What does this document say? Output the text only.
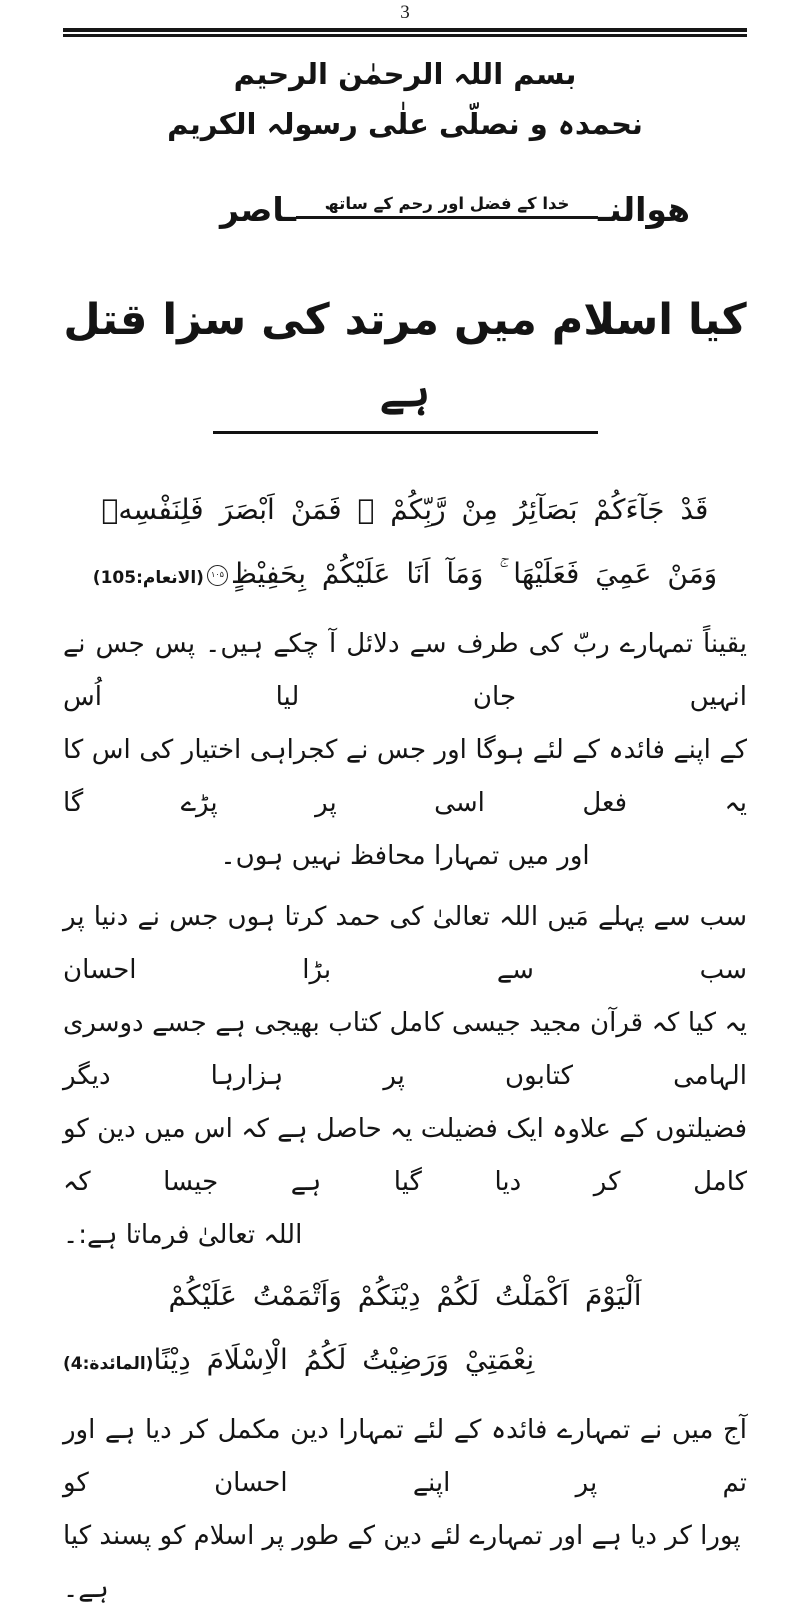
3
بسم اللہ الرحمٰن الرحیم
نحمدہ و نصلّی علٰی رسولہ الکریم
هوالنـ
خدا کے فضل اور رحم کے ساتھ
ـاصر
کیا اسلام میں مرتد کی سزا قتل ہے
قَدْ جَآءَكُمْ بَصَآئِرُ مِنْ رَّبِّكُمْ ۚ فَمَنْ اَبْصَرَ فَلِنَفْسِهٖ
وَمَنْ عَمِيَ فَعَلَيْهَا ۚ وَمَآ اَنَا عَلَيْكُمْ بِحَفِيْظٍ۱۰۵(الانعام:105)
یقیناً تمہارے ربّ کی طرف سے دلائل آ چکے ہیں۔ پس جس نے انہیں جان لیا اُس
کے اپنے فائدہ کے لئے ہوگا اور جس نے کجراہی اختیار کی اس کا یہ فعل اسی پر پڑے گا
اور میں تمہارا محافظ نہیں ہوں۔
سب سے پہلے مَیں اللہ تعالیٰ کی حمد کرتا ہوں جس نے دنیا پر سب سے بڑا احسان
یہ کیا کہ قرآن مجید جیسی کامل کتاب بھیجی ہے جسے دوسری الہامی کتابوں پر ہزارہا دیگر
فضیلتوں کے علاوہ ایک فضیلت یہ حاصل ہے کہ اس میں دین کو کامل کر دیا گیا ہے جیسا کہ
اللہ تعالیٰ فرماتا ہے:۔
اَلْيَوْمَ اَكْمَلْتُ لَكُمْ دِيْنَكُمْ وَاَتْمَمْتُ عَلَيْكُمْ
نِعْمَتِيْ وَرَضِيْتُ لَكُمُ الْاِسْلَامَ دِيْنًا(المائدة:4)
آج میں نے تمہارے فائدہ کے لئے تمہارا دین مکمل کر دیا ہے اور تم پر اپنے احسان کو
پورا کر دیا ہے اور تمہارے لئے دین کے طور پر اسلام کو پسند کیا ہے۔
